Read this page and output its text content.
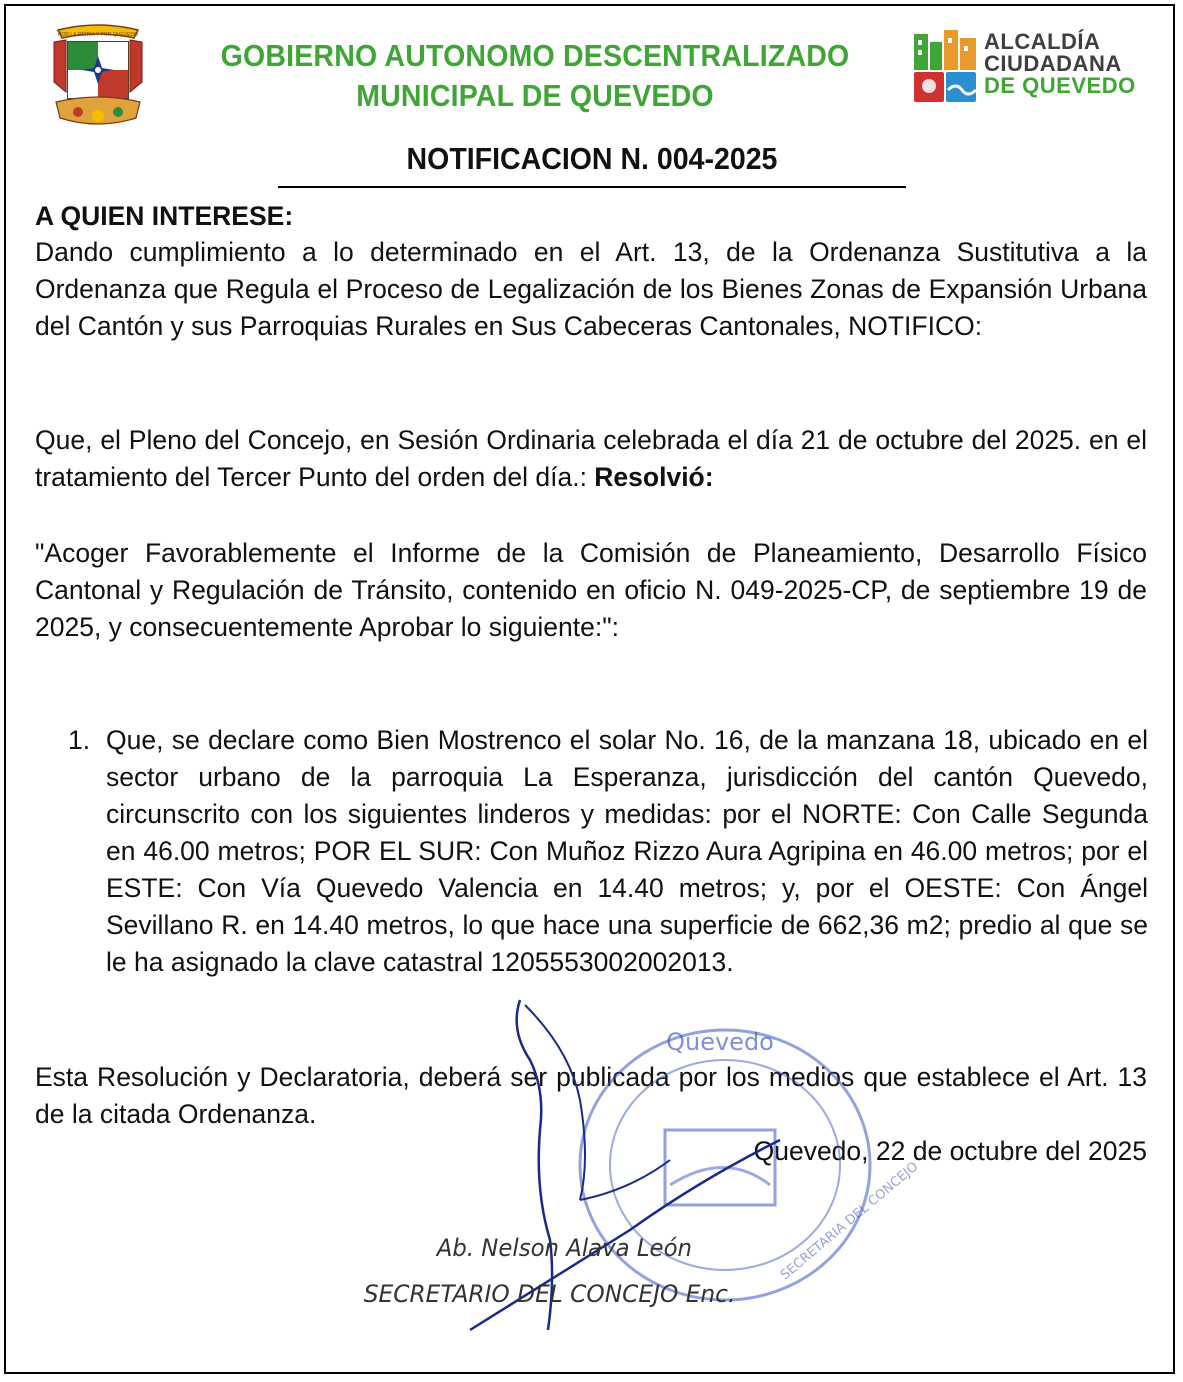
POR LA PATRIA Y POR QUEVEDO
GOBIERNO AUTONOMO DESCENTRALIZADO
MUNICIPAL DE QUEVEDO
ALCALDÍA
CIUDADANA
DE QUEVEDO
NOTIFICACION N. 004-2025
A QUIEN INTERESE:
Dando cumplimiento a lo determinado en el Art. 13, de la Ordenanza Sustitutiva a la Ordenanza que Regula el Proceso de Legalización de los Bienes Zonas de Expansión Urbana del Cantón y sus Parroquias Rurales en Sus Cabeceras Cantonales, NOTIFICO:
Que, el Pleno del Concejo, en Sesión Ordinaria celebrada el día 21 de octubre del 2025. en el tratamiento del Tercer Punto del orden del día.: Resolvió:
"Acoger Favorablemente el Informe de la Comisión de Planeamiento, Desarrollo Físico Cantonal y Regulación de Tránsito, contenido en oficio N. 049-2025-CP, de septiembre 19 de 2025, y consecuentemente Aprobar lo siguiente:":
1. Que, se declare como Bien Mostrenco el solar No. 16, de la manzana 18, ubicado en el sector urbano de la parroquia La Esperanza, jurisdicción del cantón Quevedo, circunscrito con los siguientes linderos y medidas: por el NORTE: Con Calle Segunda en 46.00 metros; POR EL SUR: Con Muñoz Rizzo Aura Agripina en 46.00 metros; por el ESTE: Con Vía Quevedo Valencia en 14.40 metros; y, por el OESTE: Con Ángel Sevillano R. en 14.40 metros, lo que hace una superficie de 662,36 m2; predio al que se le ha asignado la clave catastral 1205553002002013.
Esta Resolución y Declaratoria, deberá ser publicada por los medios que establece el Art. 13 de la citada Ordenanza.
Quevedo, 22 de octubre del 2025
Quevedo
SECRETARIA DEL CONCEJO
Ab. Nelson Alava León
SECRETARIO DEL CONCEJO Enc.
